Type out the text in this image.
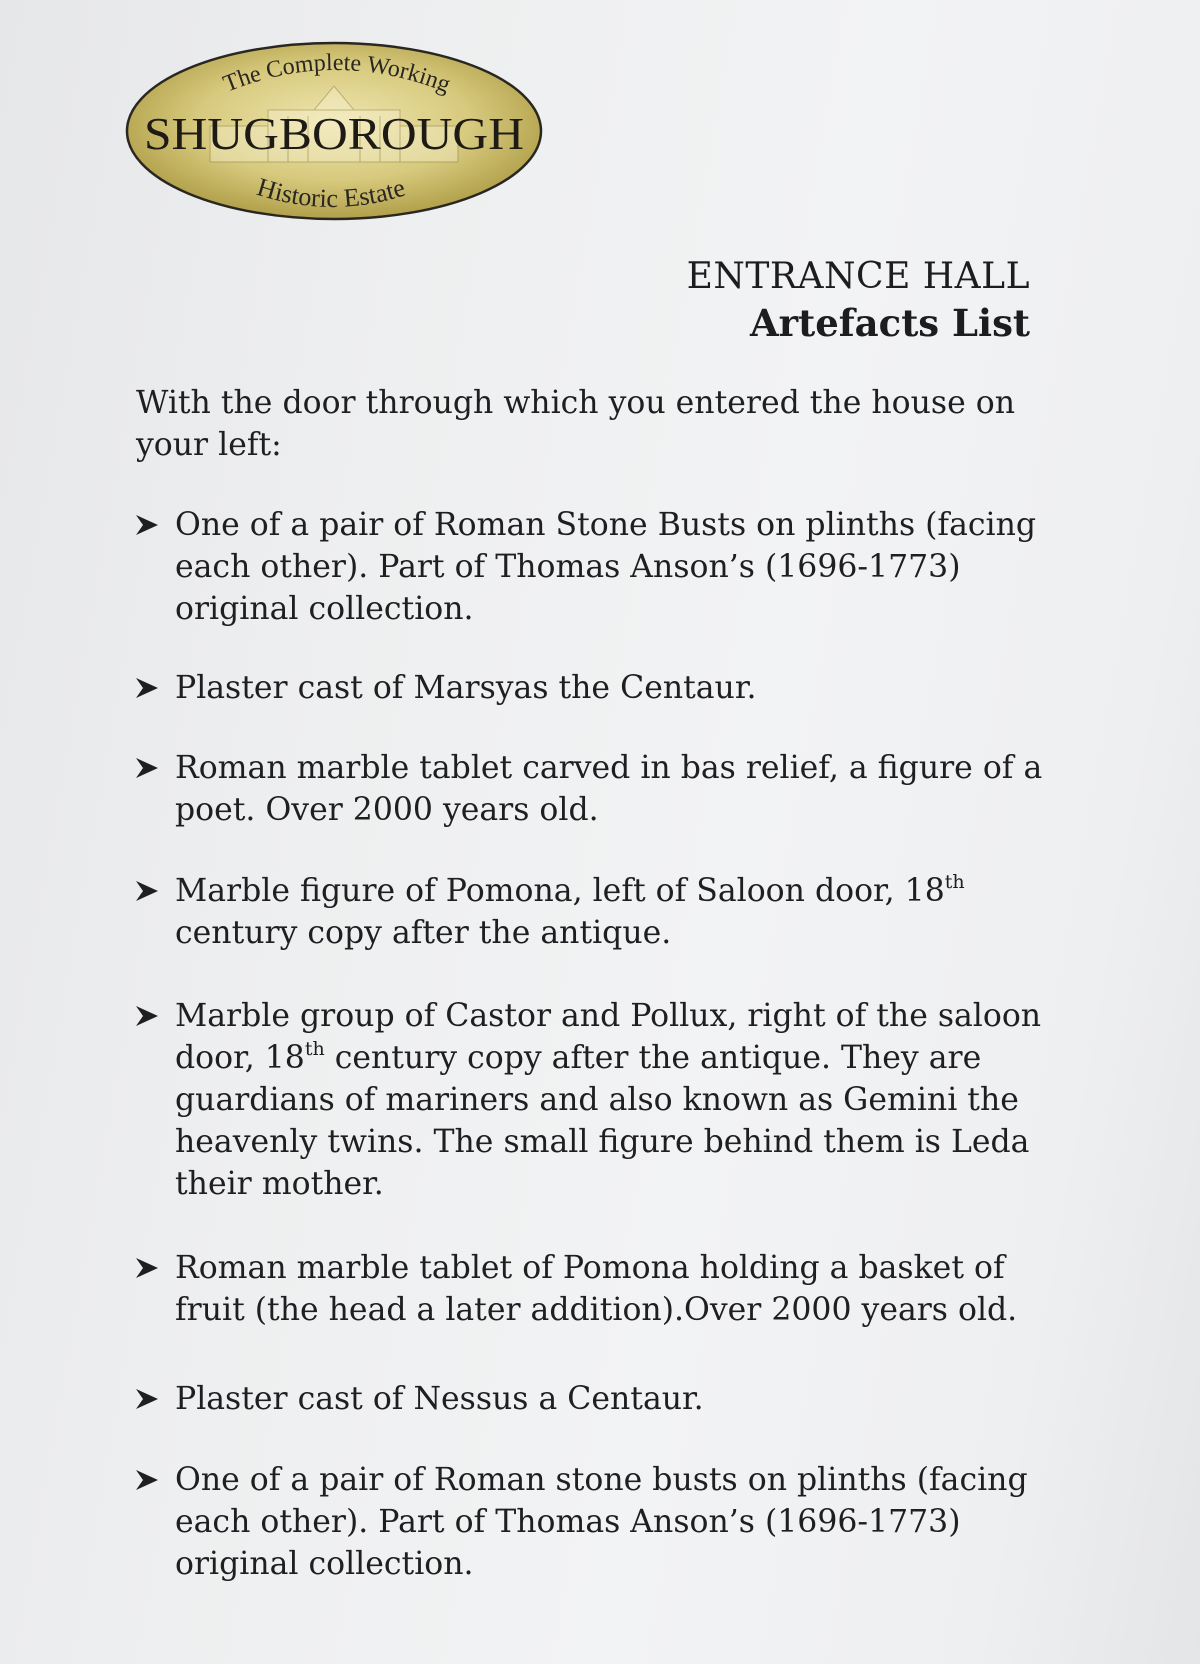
The Complete Working
SHUGBOROUGH
Historic Estate
ENTRANCE HALL
Artefacts List
With the door through which you entered the house on your left:
One of a pair of Roman Stone Busts on plinths (facing each other). Part of Thomas Anson’s (1696-1773) original collection.
Plaster cast of Marsyas the Centaur.
Roman marble tablet carved in bas relief, a figure of a poet. Over 2000 years old.
Marble figure of Pomona, left of Saloon door, 18th century copy after the antique.
Marble group of Castor and Pollux, right of the saloon door, 18th century copy after the antique. They are guardians of mariners and also known as Gemini the heavenly twins. The small figure behind them is Leda their mother.
Roman marble tablet of Pomona holding a basket of fruit (the head a later addition).Over 2000 years old.
Plaster cast of Nessus a Centaur.
One of a pair of Roman stone busts on plinths (facing each other). Part of Thomas Anson’s (1696-1773) original collection.
